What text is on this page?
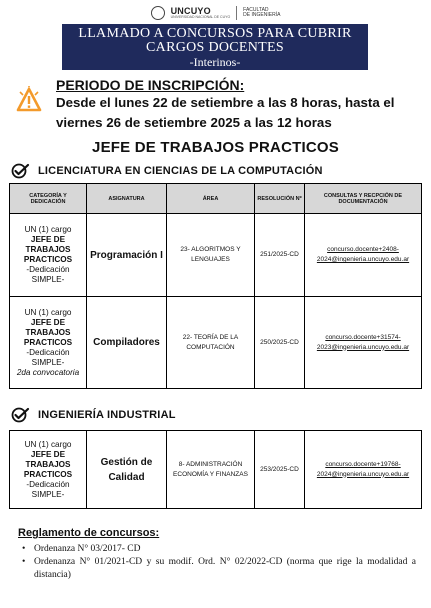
UNCUYO
UNIVERSIDAD NACIONAL DE CUYO
FACULTAD
DE INGENIERÍA
LLAMADO A CONCURSOS PARA CUBRIR
CARGOS DOCENTES
-Interinos-
PERIODO DE INSCRIPCIÓN:
Desde el lunes 22 de setiembre a las 8 horas, hasta el viernes 26 de setiembre 2025 a las 12 horas
JEFE DE TRABAJOS PRACTICOS
LICENCIATURA EN CIENCIAS DE LA COMPUTACIÓN
CATEGORÍA Y DEDICACIÓN	ASIGNATURA	ÁREA	RESOLUCIÓN Nº	CONSULTAS Y RECPCIÓN DE DOCUMENTACIÓN

UN (1) cargo
JEFE DE TRABAJOS PRACTICOS
-Dedicación SIMPLE-	Programación I	23- ALGORITMOS Y LENGUAJES	251/2025-CD	concurso.docente+2408-2024@ingenieria.uncuyo.edu.ar

UN (1) cargo
JEFE DE TRABAJOS PRACTICOS
-Dedicación SIMPLE-
2da convocatoria	Compiladores	22- TEORÍA DE LA COMPUTACIÓN	250/2025-CD	concurso.docente+31574-2023@ingenieria.uncuyo.edu.ar
INGENIERÍA INDUSTRIAL
UN (1) cargo
JEFE DE TRABAJOS PRACTICOS
-Dedicación SIMPLE-
	Gestión de Calidad	8- ADMINISTRACIÓN ECONOMÍA Y FINANZAS	253/2025-CD	concurso.docente+19768-2024@ingenieria.uncuyo.edu.ar
Reglamento de concursos:
• Ordenanza N° 03/2017- CD
• Ordenanza N° 01/2021-CD y su modif. Ord. N° 02/2022-CD (norma que rige la modalidad a distancia)
